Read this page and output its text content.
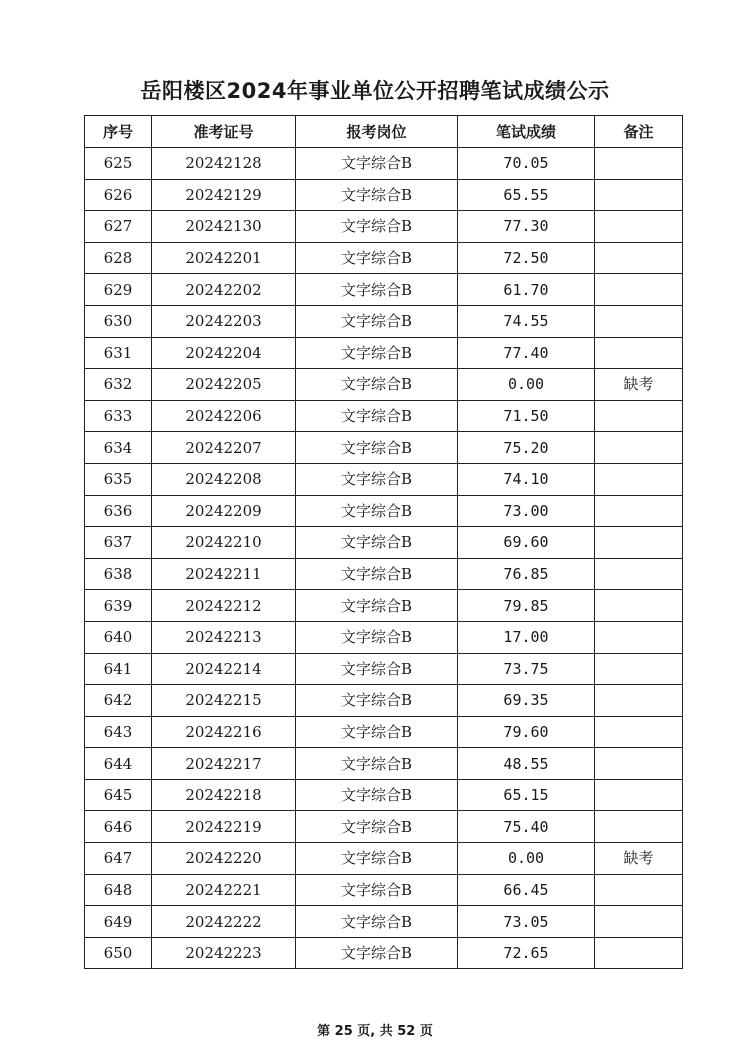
岳阳楼区2024年事业单位公开招聘笔试成绩公示
序号	准考证号	报考岗位	笔试成绩	备注
625	20242128	文字综合B	70.05	
626	20242129	文字综合B	65.55	
627	20242130	文字综合B	77.30	
628	20242201	文字综合B	72.50	
629	20242202	文字综合B	61.70	
630	20242203	文字综合B	74.55	
631	20242204	文字综合B	77.40	
632	20242205	文字综合B	0.00	缺考
633	20242206	文字综合B	71.50	
634	20242207	文字综合B	75.20	
635	20242208	文字综合B	74.10	
636	20242209	文字综合B	73.00	
637	20242210	文字综合B	69.60	
638	20242211	文字综合B	76.85	
639	20242212	文字综合B	79.85	
640	20242213	文字综合B	17.00	
641	20242214	文字综合B	73.75	
642	20242215	文字综合B	69.35	
643	20242216	文字综合B	79.60	
644	20242217	文字综合B	48.55	
645	20242218	文字综合B	65.15	
646	20242219	文字综合B	75.40	
647	20242220	文字综合B	0.00	缺考
648	20242221	文字综合B	66.45	
649	20242222	文字综合B	73.05	
650	20242223	文字综合B	72.65	
第 25 页, 共 52 页
